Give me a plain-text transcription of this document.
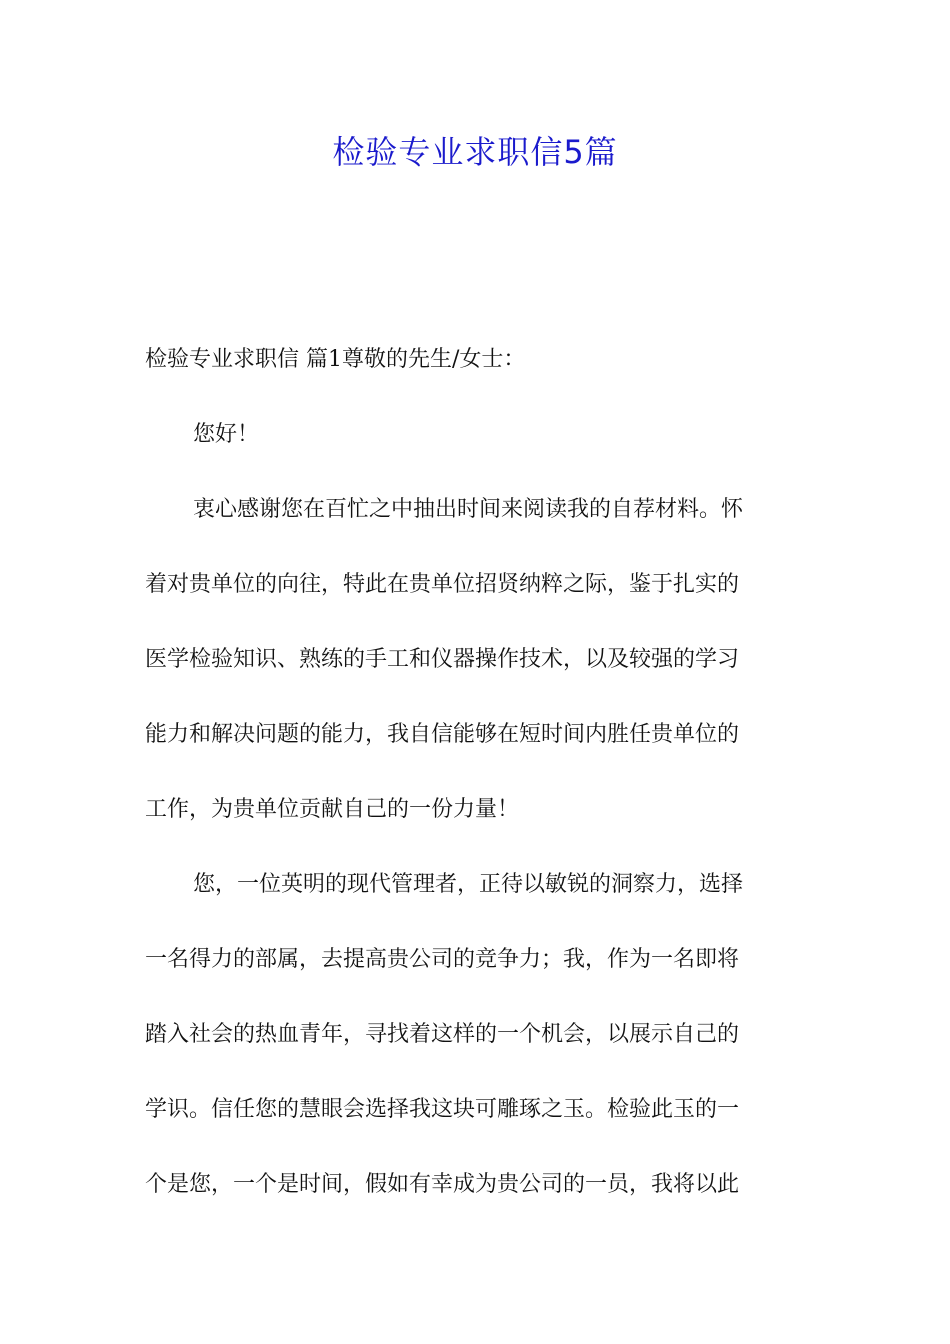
检验专业求职信5篇
检验专业求职信 篇1尊敬的先生/女士：
您好！
衷心感谢您在百忙之中抽出时间来阅读我的自荐材料。怀
着对贵单位的向往，特此在贵单位招贤纳粹之际，鉴于扎实的
医学检验知识、熟练的手工和仪器操作技术，以及较强的学习
能力和解决问题的能力，我自信能够在短时间内胜任贵单位的
工作，为贵单位贡献自己的一份力量！
您，一位英明的现代管理者，正待以敏锐的洞察力，选择
一名得力的部属，去提高贵公司的竞争力；我，作为一名即将
踏入社会的热血青年，寻找着这样的一个机会，以展示自己的
学识。信任您的慧眼会选择我这块可雕琢之玉。检验此玉的一
个是您，一个是时间，假如有幸成为贵公司的一员，我将以此
